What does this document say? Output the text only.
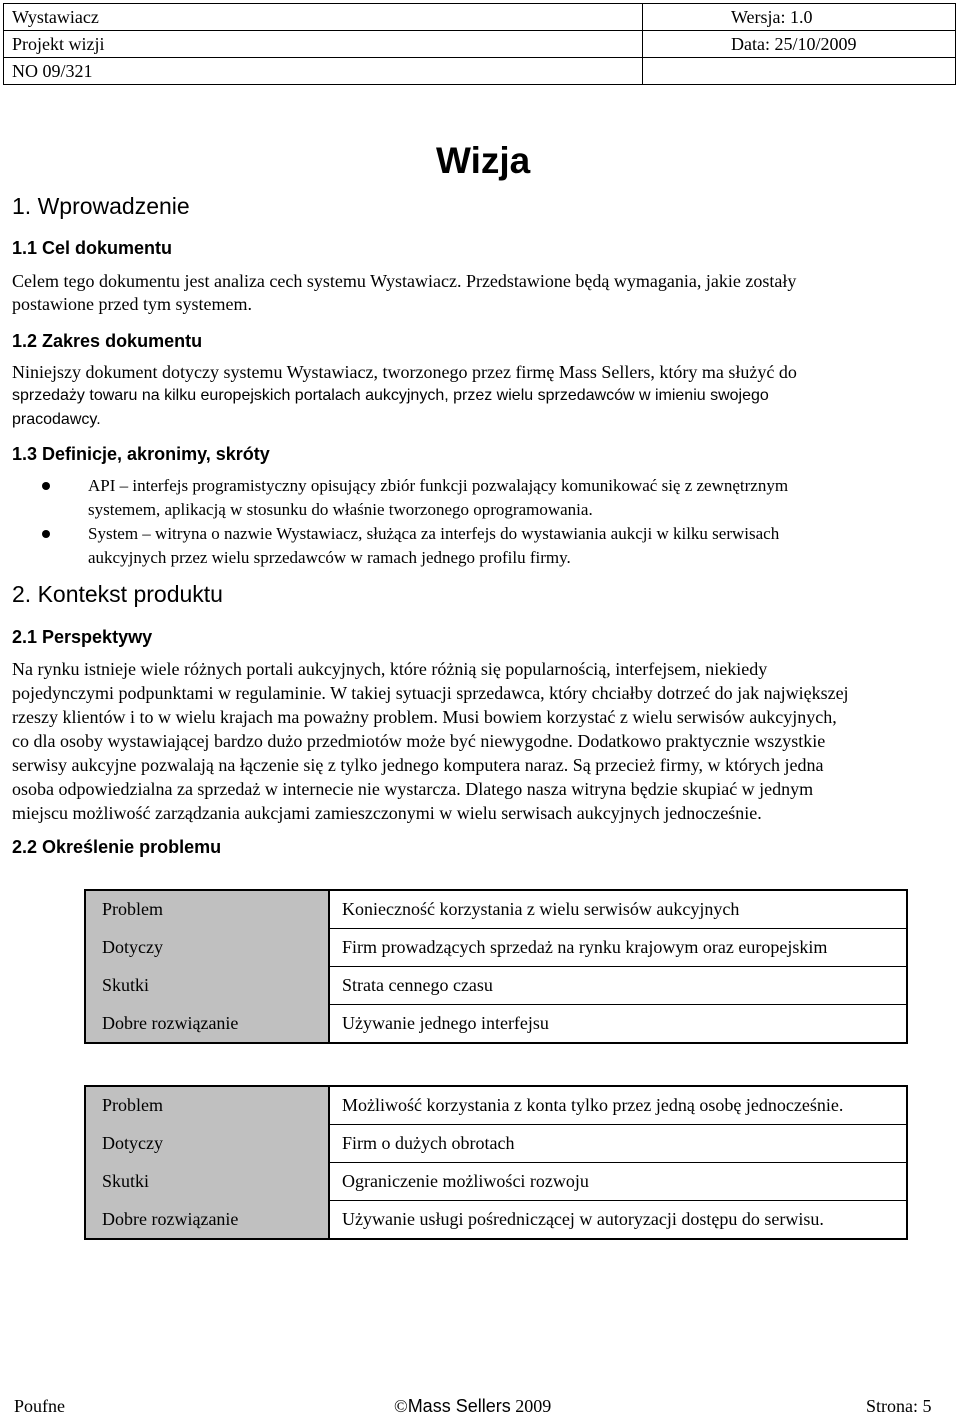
Wystawiacz	Wersja: 1.0
Projekt wizji	Data: 25/10/2009
NO 09/321	
Wizja
1. Wprowadzenie
1.1 Cel dokumentu
Celem tego dokumentu jest analiza cech systemu Wystawiacz. Przedstawione będą wymagania, jakie zostały
postawione przed tym systemem.
1.2 Zakres dokumentu
Niniejszy dokument dotyczy systemu Wystawiacz, tworzonego przez firmę Mass Sellers, który ma służyć do
sprzedaży towaru na kilku europejskich portalach aukcyjnych, przez wielu sprzedawców w imieniu swojego
pracodawcy.
1.3 Definicje, akronimy, skróty
API – interfejs programistyczny opisujący zbiór funkcji pozwalający komunikować się z zewnętrznym
systemem, aplikacją w stosunku do właśnie tworzonego oprogramowania.
System – witryna o nazwie Wystawiacz, służąca za interfejs do wystawiania aukcji w kilku serwisach
aukcyjnych przez wielu sprzedawców w ramach jednego profilu firmy.
2. Kontekst produktu
2.1 Perspektywy
Na rynku istnieje wiele różnych portali aukcyjnych, które różnią się popularnością, interfejsem, niekiedy
pojedynczymi podpunktami w regulaminie. W takiej sytuacji sprzedawca, który chciałby dotrzeć do jak największej
rzeszy klientów i to w wielu krajach ma poważny problem. Musi bowiem korzystać z wielu serwisów aukcyjnych,
co dla osoby wystawiającej bardzo dużo przedmiotów może być niewygodne. Dodatkowo praktycznie wszystkie
serwisy aukcyjne pozwalają na łączenie się z tylko jednego komputera naraz. Są przecież firmy, w których jedna
osoba odpowiedzialna za sprzedaż w internecie nie wystarcza. Dlatego nasza witryna będzie skupiać w jednym
miejscu możliwość zarządzania aukcjami zamieszczonymi w wielu serwisach aukcyjnych jednocześnie.
2.2 Określenie problemu
Problem	Konieczność korzystania z wielu serwisów aukcyjnych
Dotyczy	Firm prowadzących sprzedaż na rynku krajowym oraz europejskim
Skutki	Strata cennego czasu
Dobre rozwiązanie	Używanie jednego interfejsu
Problem	Możliwość korzystania z konta tylko przez jedną osobę jednocześnie.
Dotyczy	Firm o dużych obrotach
Skutki	Ograniczenie możliwości rozwoju
Dobre rozwiązanie	Używanie usługi pośredniczącej w autoryzacji dostępu do serwisu.
Poufne	©Mass Sellers 2009	Strona: 5
